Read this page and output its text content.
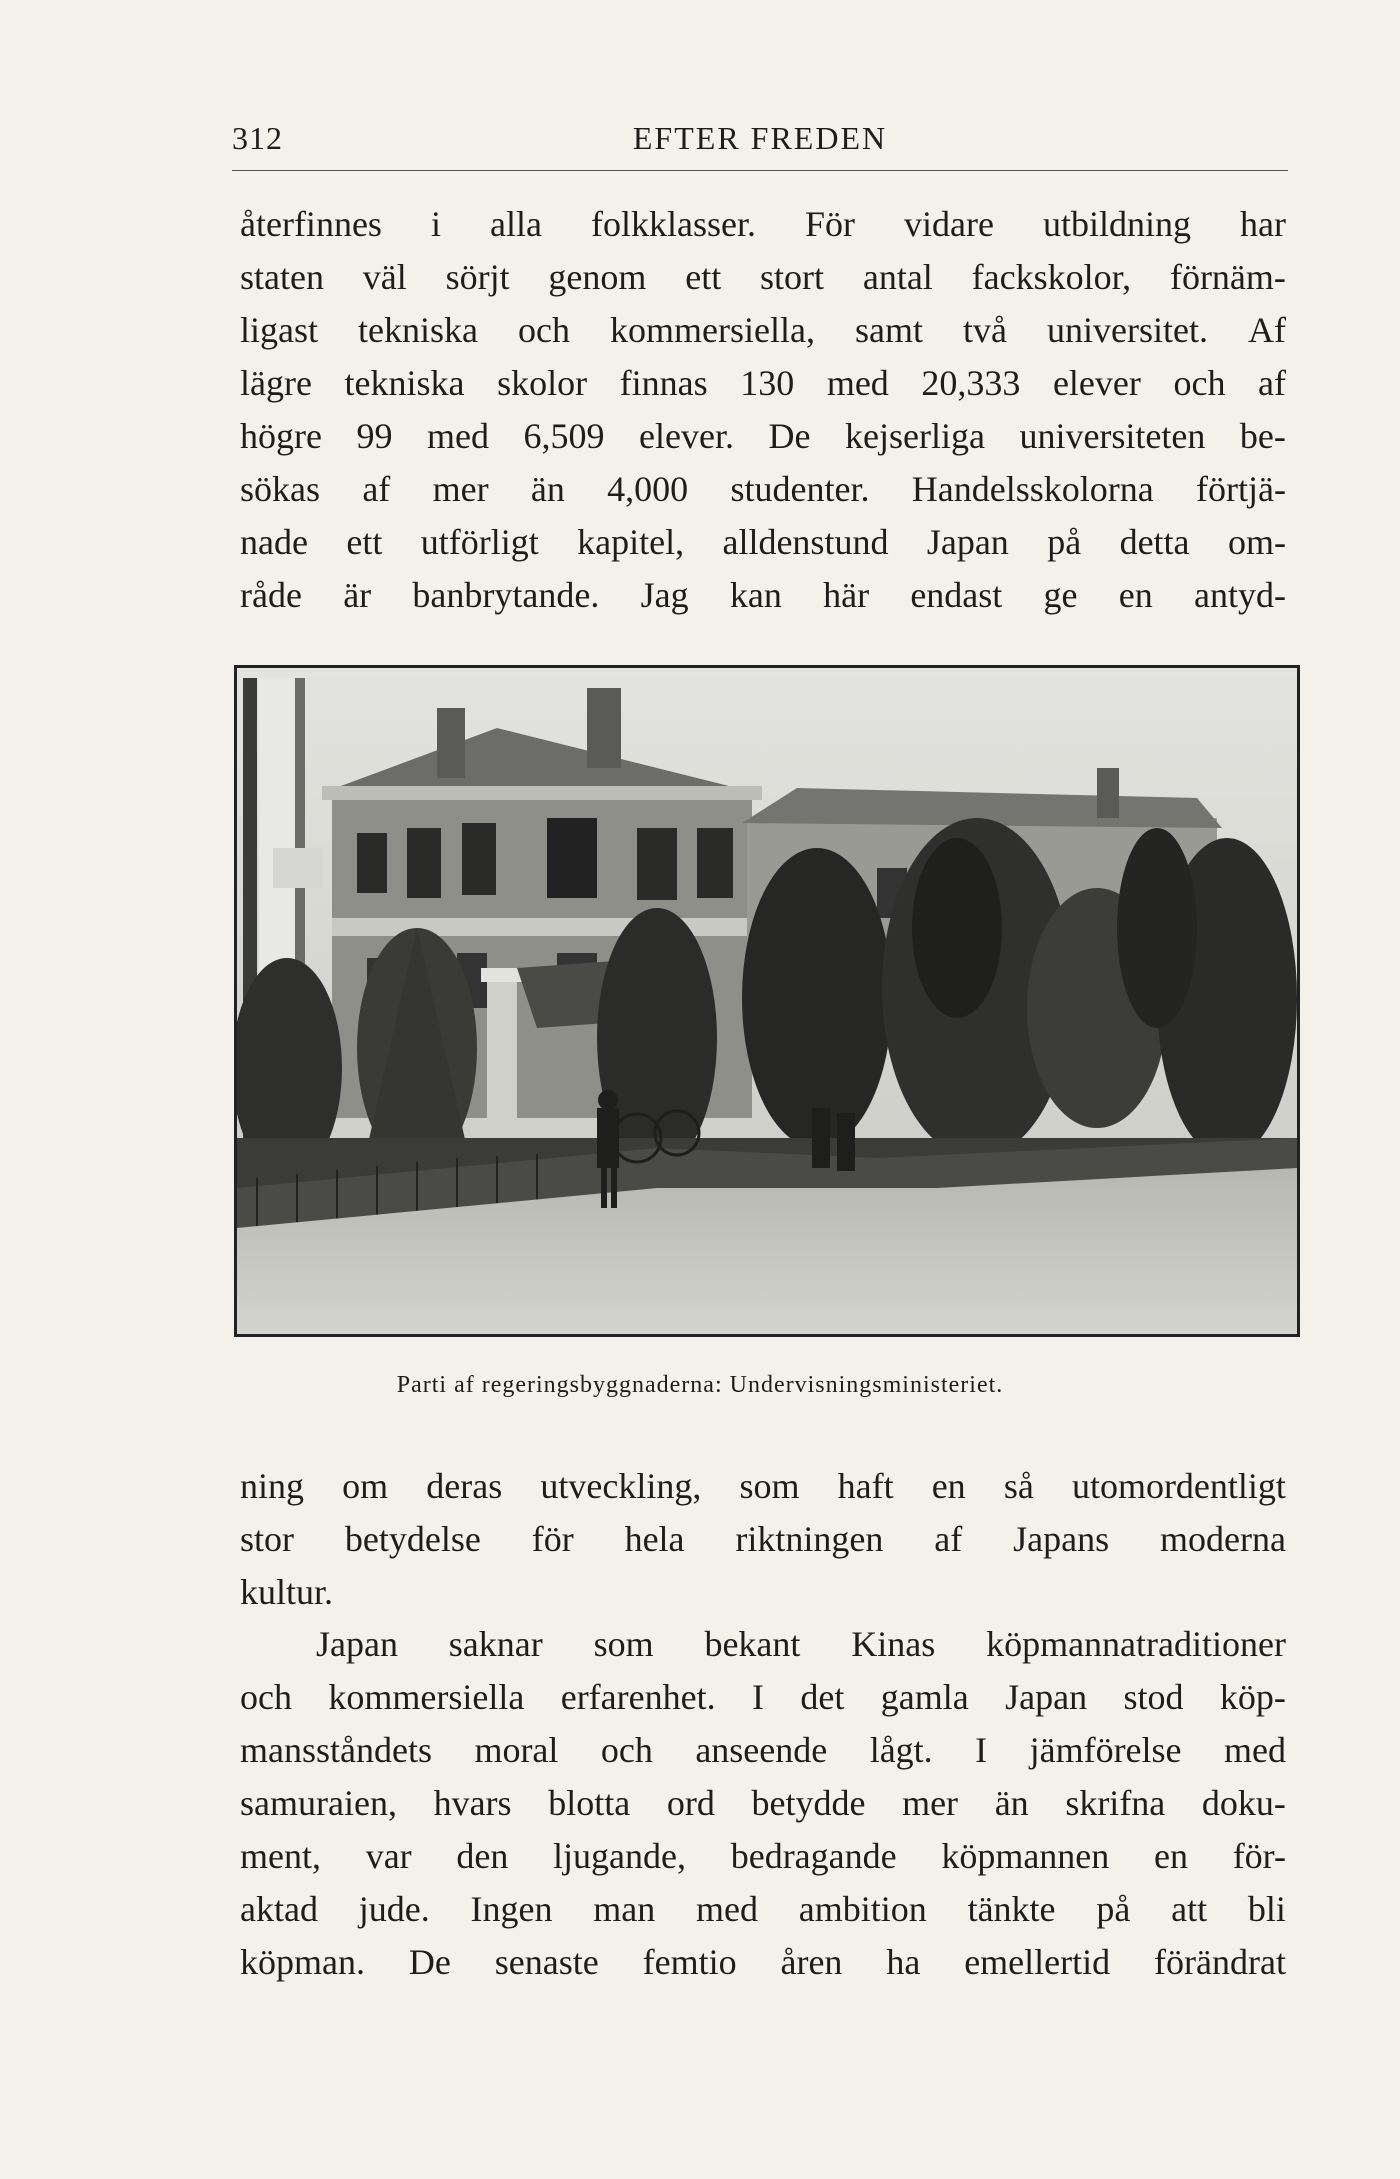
312	EFTER FREDEN
återfinnes i alla folkklasser. För vidare utbildning har
staten väl sörjt genom ett stort antal fackskolor, förnäm-
ligast tekniska och kommersiella, samt två universitet. Af
lägre tekniska skolor finnas 130 med 20,333 elever och af
högre 99 med 6,509 elever. De kejserliga universiteten be-
sökas af mer än 4,000 studenter. Handelsskolorna förtjä-
nade ett utförligt kapitel, alldenstund Japan på detta om-
råde är banbrytande. Jag kan här endast ge en antyd-
Parti af regeringsbyggnaderna: Undervisningsministeriet.
ning om deras utveckling, som haft en så utomordentligt
stor betydelse för hela riktningen af Japans moderna
kultur.
Japan saknar som bekant Kinas köpmannatraditioner
och kommersiella erfarenhet. I det gamla Japan stod köp-
mansståndets moral och anseende lågt. I jämförelse med
samuraien, hvars blotta ord betydde mer än skrifna doku-
ment, var den ljugande, bedragande köpmannen en för-
aktad jude. Ingen man med ambition tänkte på att bli
köpman. De senaste femtio åren ha emellertid förändrat
